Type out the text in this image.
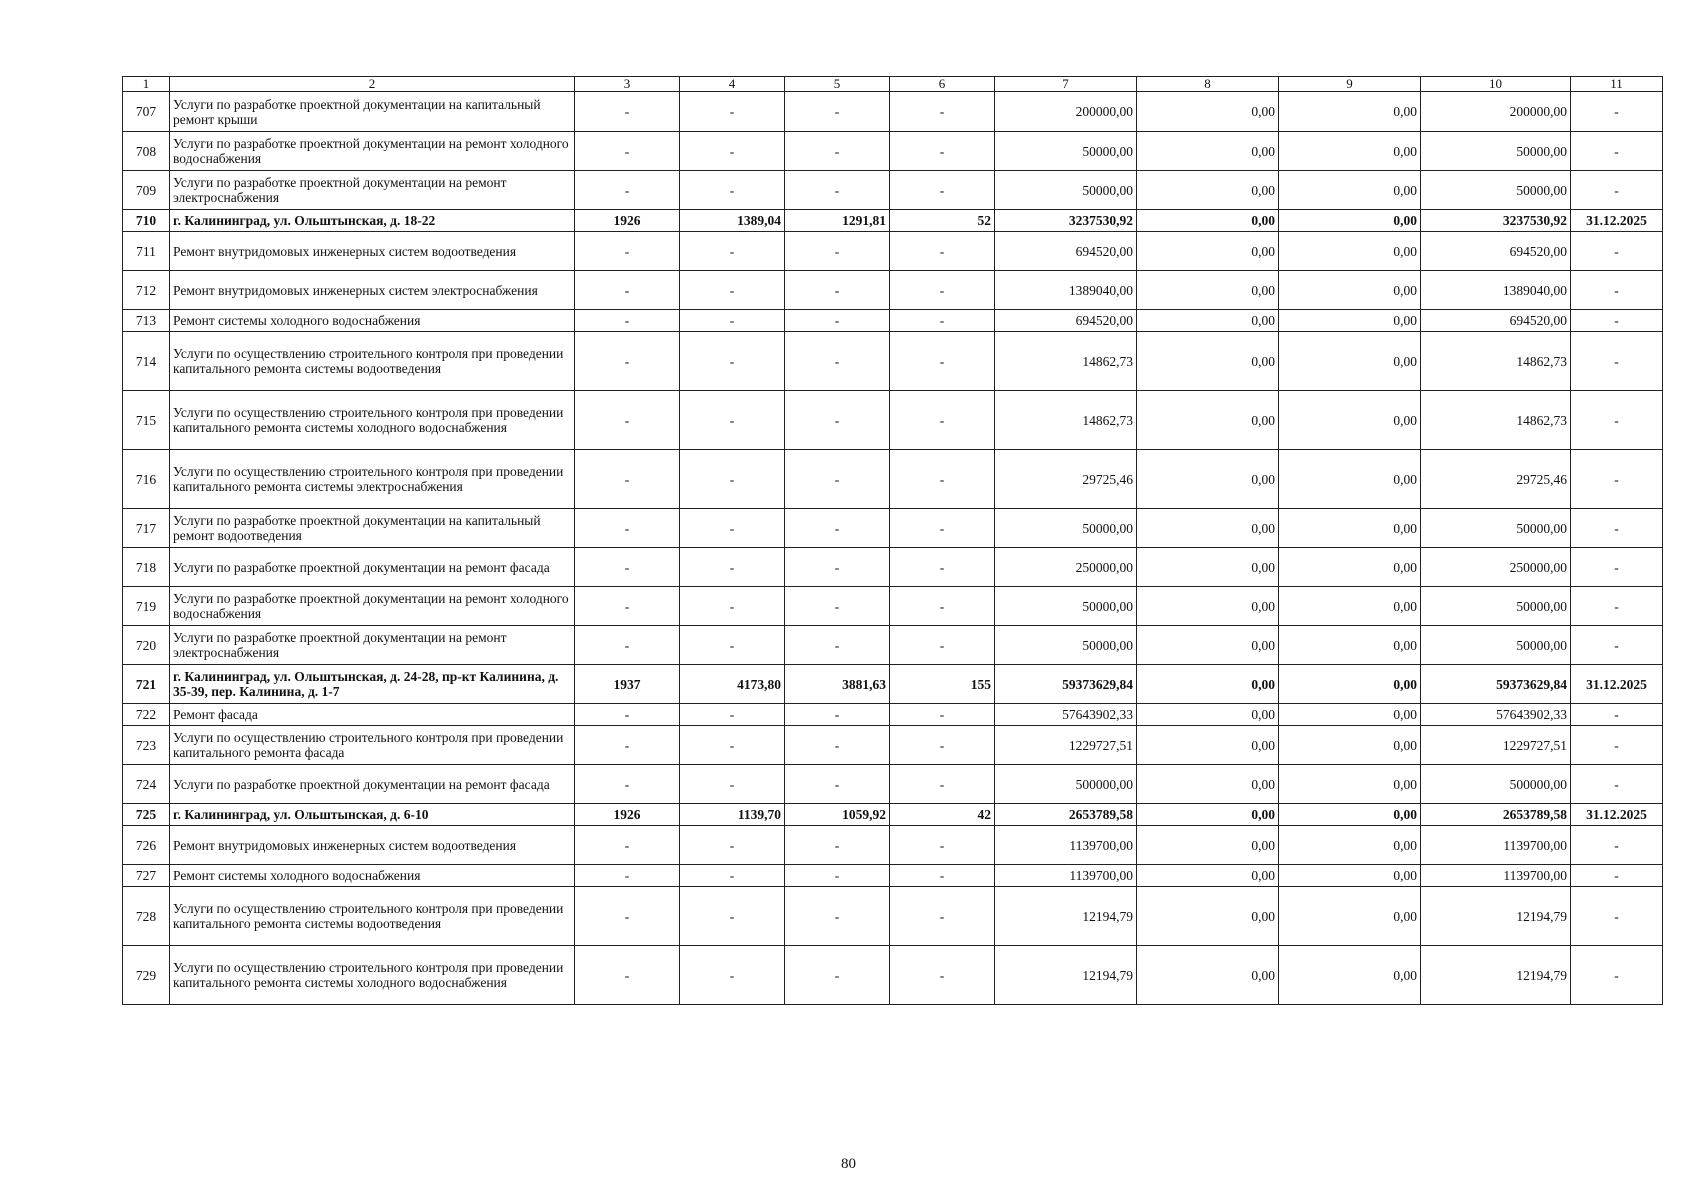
1	2	3	4	5	6	7	8	9	10	11
707	Услуги по разработке проектной документации на капитальный ремонт крыши	-	-	-	-	200000,00	0,00	0,00	200000,00	-
708	Услуги по разработке проектной документации на ремонт холодного водоснабжения	-	-	-	-	50000,00	0,00	0,00	50000,00	-
709	Услуги по разработке проектной документации на ремонт электроснабжения	-	-	-	-	50000,00	0,00	0,00	50000,00	-
710	г. Калининград, ул. Ольштынская, д. 18-22	1926	1389,04	1291,81	52	3237530,92	0,00	0,00	3237530,92	31.12.2025
711	Ремонт внутридомовых инженерных систем водоотведения	-	-	-	-	694520,00	0,00	0,00	694520,00	-
712	Ремонт внутридомовых инженерных систем электроснабжения	-	-	-	-	1389040,00	0,00	0,00	1389040,00	-
713	Ремонт системы холодного водоснабжения	-	-	-	-	694520,00	0,00	0,00	694520,00	-
714	Услуги по осуществлению строительного контроля при проведении капитального ремонта системы водоотведения	-	-	-	-	14862,73	0,00	0,00	14862,73	-
715	Услуги по осуществлению строительного контроля при проведении капитального ремонта системы холодного водоснабжения	-	-	-	-	14862,73	0,00	0,00	14862,73	-
716	Услуги по осуществлению строительного контроля при проведении капитального ремонта системы электроснабжения	-	-	-	-	29725,46	0,00	0,00	29725,46	-
717	Услуги по разработке проектной документации на капитальный ремонт водоотведения	-	-	-	-	50000,00	0,00	0,00	50000,00	-
718	Услуги по разработке проектной документации на ремонт фасада	-	-	-	-	250000,00	0,00	0,00	250000,00	-
719	Услуги по разработке проектной документации на ремонт холодного водоснабжения	-	-	-	-	50000,00	0,00	0,00	50000,00	-
720	Услуги по разработке проектной документации на ремонт электроснабжения	-	-	-	-	50000,00	0,00	0,00	50000,00	-
721	г. Калининград, ул. Ольштынская, д. 24-28, пр-кт Калинина, д. 35-39, пер. Калинина, д. 1-7	1937	4173,80	3881,63	155	59373629,84	0,00	0,00	59373629,84	31.12.2025
722	Ремонт фасада	-	-	-	-	57643902,33	0,00	0,00	57643902,33	-
723	Услуги по осуществлению строительного контроля при проведении капитального ремонта фасада	-	-	-	-	1229727,51	0,00	0,00	1229727,51	-
724	Услуги по разработке проектной документации на ремонт фасада	-	-	-	-	500000,00	0,00	0,00	500000,00	-
725	г. Калининград, ул. Ольштынская, д. 6-10	1926	1139,70	1059,92	42	2653789,58	0,00	0,00	2653789,58	31.12.2025
726	Ремонт внутридомовых инженерных систем водоотведения	-	-	-	-	1139700,00	0,00	0,00	1139700,00	-
727	Ремонт системы холодного водоснабжения	-	-	-	-	1139700,00	0,00	0,00	1139700,00	-
728	Услуги по осуществлению строительного контроля при проведении капитального ремонта системы водоотведения	-	-	-	-	12194,79	0,00	0,00	12194,79	-
729	Услуги по осуществлению строительного контроля при проведении капитального ремонта системы холодного водоснабжения	-	-	-	-	12194,79	0,00	0,00	12194,79	-
80
